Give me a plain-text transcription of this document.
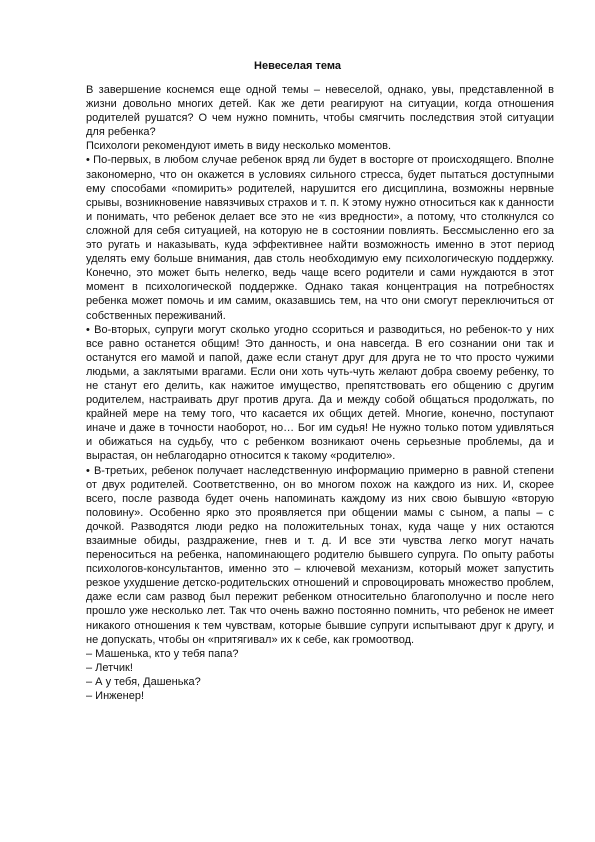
Невеселая тема

В завершение коснемся еще одной темы – невеселой, однако, увы, представленной в жизни довольно многих детей. Как же дети реагируют на ситуации, когда отношения родителей рушатся? О чем нужно помнить, чтобы смягчить последствия этой ситуации для ребенка?

Психологи рекомендуют иметь в виду несколько моментов.

• По-первых, в любом случае ребенок вряд ли будет в восторге от происходящего. Вполне закономерно, что он окажется в условиях сильного стресса, будет пытаться доступными ему способами «помирить» родителей, нарушится его дисциплина, возможны нервные срывы, возникновение навязчивых страхов и т. п. К этому нужно относиться как к данности и понимать, что ребенок делает все это не «из вредности», а потому, что столкнулся со сложной для себя ситуацией, на которую не в состоянии повлиять. Бессмысленно его за это ругать и наказывать, куда эффективнее найти возможность именно в этот период уделять ему больше внимания, дав столь необходимую ему психологическую поддержку. Конечно, это может быть нелегко, ведь чаще всего родители и сами нуждаются в этот момент в психологической поддержке. Однако такая концентрация на потребностях ребенка может помочь и им самим, оказавшись тем, на что они смогут переключиться от собственных переживаний.

• Во-вторых, супруги могут сколько угодно ссориться и разводиться, но ребенок-то у них все равно останется общим! Это данность, и она навсегда. В его сознании они так и останутся его мамой и папой, даже если станут друг для друга не то что просто чужими людьми, а заклятыми врагами. Если они хоть чуть-чуть желают добра своему ребенку, то не станут его делить, как нажитое имущество, препятствовать его общению с другим родителем, настраивать друг против друга. Да и между собой общаться продолжать, по крайней мере на тему того, что касается их общих детей. Многие, конечно, поступают иначе и даже в точности наоборот, но… Бог им судья! Не нужно только потом удивляться и обижаться на судьбу, что с ребенком возникают очень серьезные проблемы, да и вырастая, он неблагодарно относится к такому «родителю».

• В-третьих, ребенок получает наследственную информацию примерно в равной степени от двух родителей. Соответственно, он во многом похож на каждого из них. И, скорее всего, после развода будет очень напоминать каждому из них свою бывшую «вторую половину». Особенно ярко это проявляется при общении мамы с сыном, а папы – с дочкой. Разводятся люди редко на положительных тонах, куда чаще у них остаются взаимные обиды, раздражение, гнев и т. д. И все эти чувства легко могут начать переноситься на ребенка, напоминающего родителю бывшего супруга. По опыту работы психологов-консультантов, именно это – ключевой механизм, который может запустить резкое ухудшение детско-родительских отношений и спровоцировать множество проблем, даже если сам развод был пережит ребенком относительно благополучно и после него прошло уже несколько лет. Так что очень важно постоянно помнить, что ребенок не имеет никакого отношения к тем чувствам, которые бывшие супруги испытывают друг к другу, и не допускать, чтобы он «притягивал» их к себе, как громоотвод.

– Машенька, кто у тебя папа?

– Летчик!

– А у тебя, Дашенька?

– Инженер!
